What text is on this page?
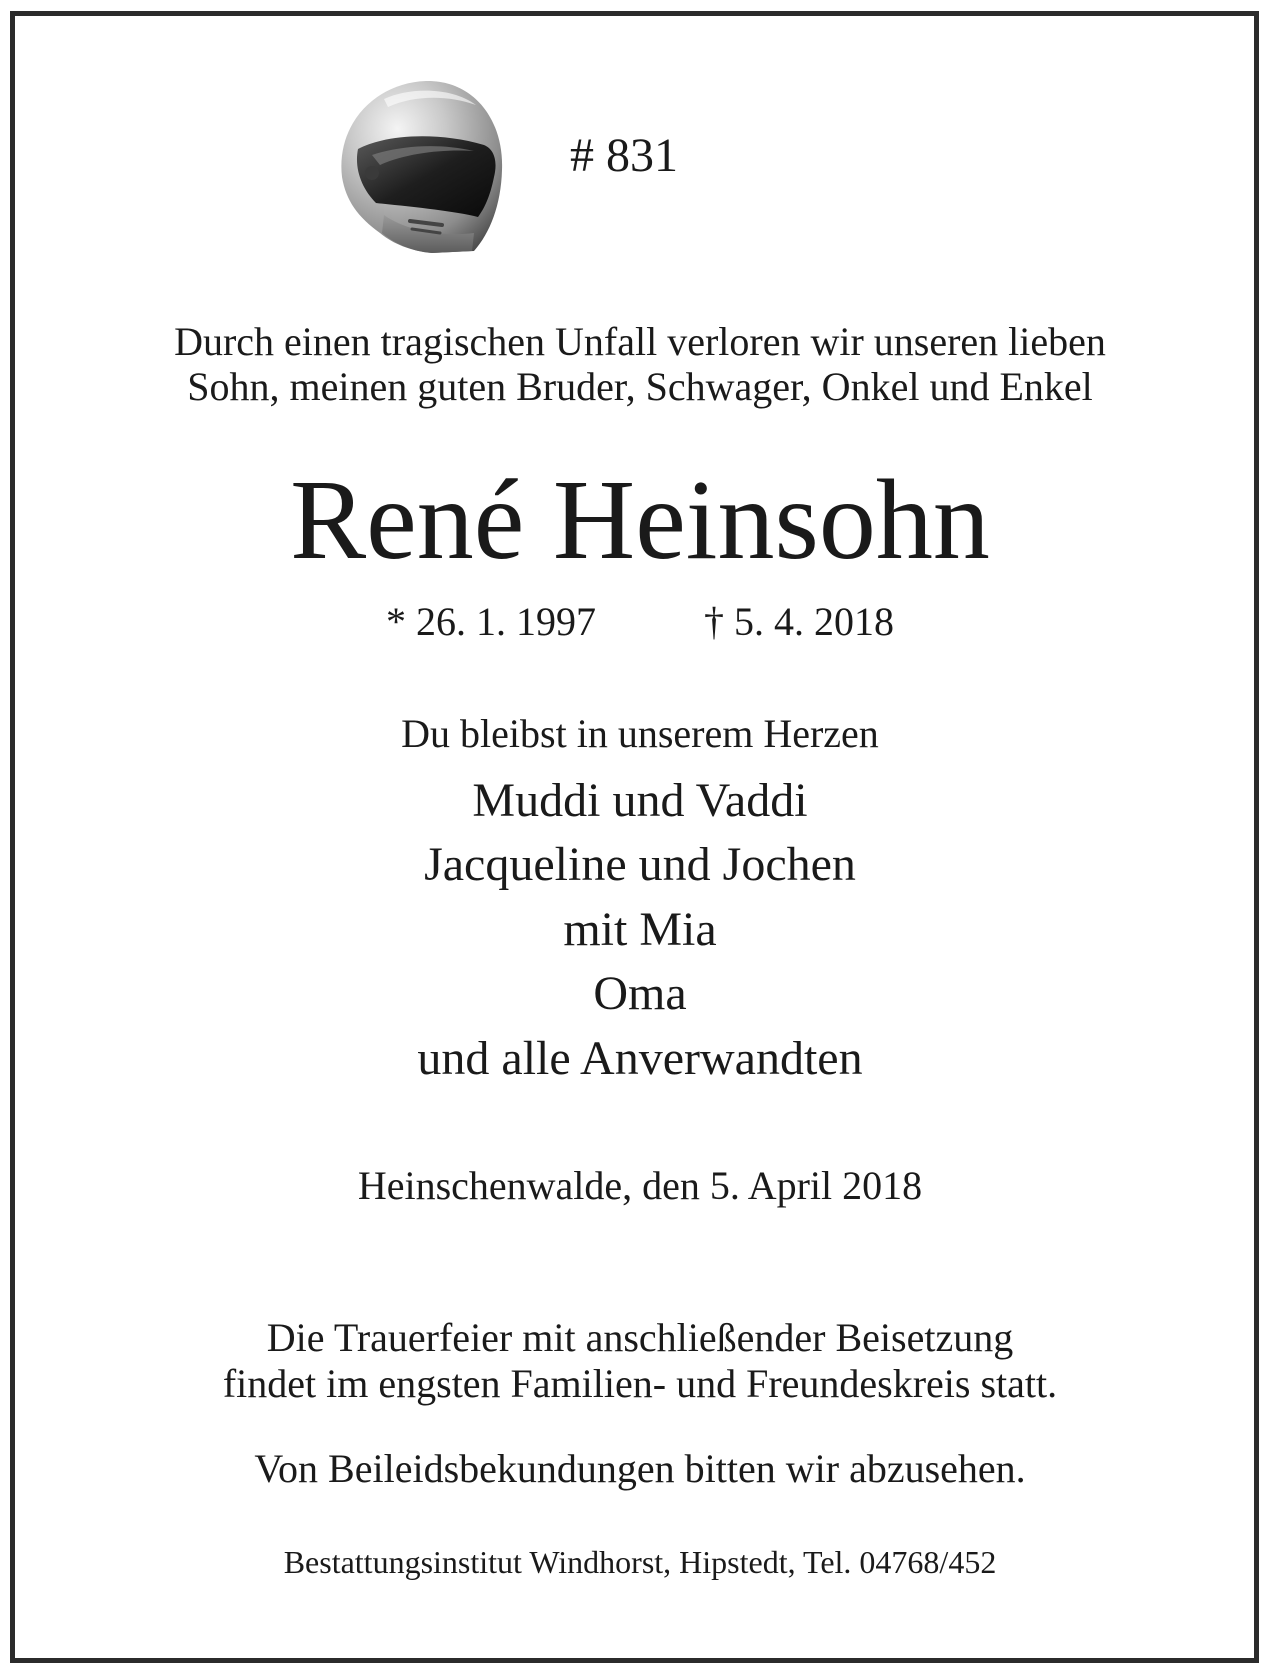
# 831
Durch einen tragischen Unfall verloren wir unseren lieben
Sohn, meinen guten Bruder, Schwager, Onkel und Enkel
René Heinsohn
* 26. 1. 1997	† 5. 4. 2018
Du bleibst in unserem Herzen
Muddi und Vaddi
Jacqueline und Jochen
mit Mia
Oma
und alle Anverwandten
Heinschenwalde, den 5. April 2018
Die Trauerfeier mit anschließender Beisetzung
findet im engsten Familien- und Freundeskreis statt.
Von Beileidsbekundungen bitten wir abzusehen.
Bestattungsinstitut Windhorst, Hipstedt, Tel. 04768/452
